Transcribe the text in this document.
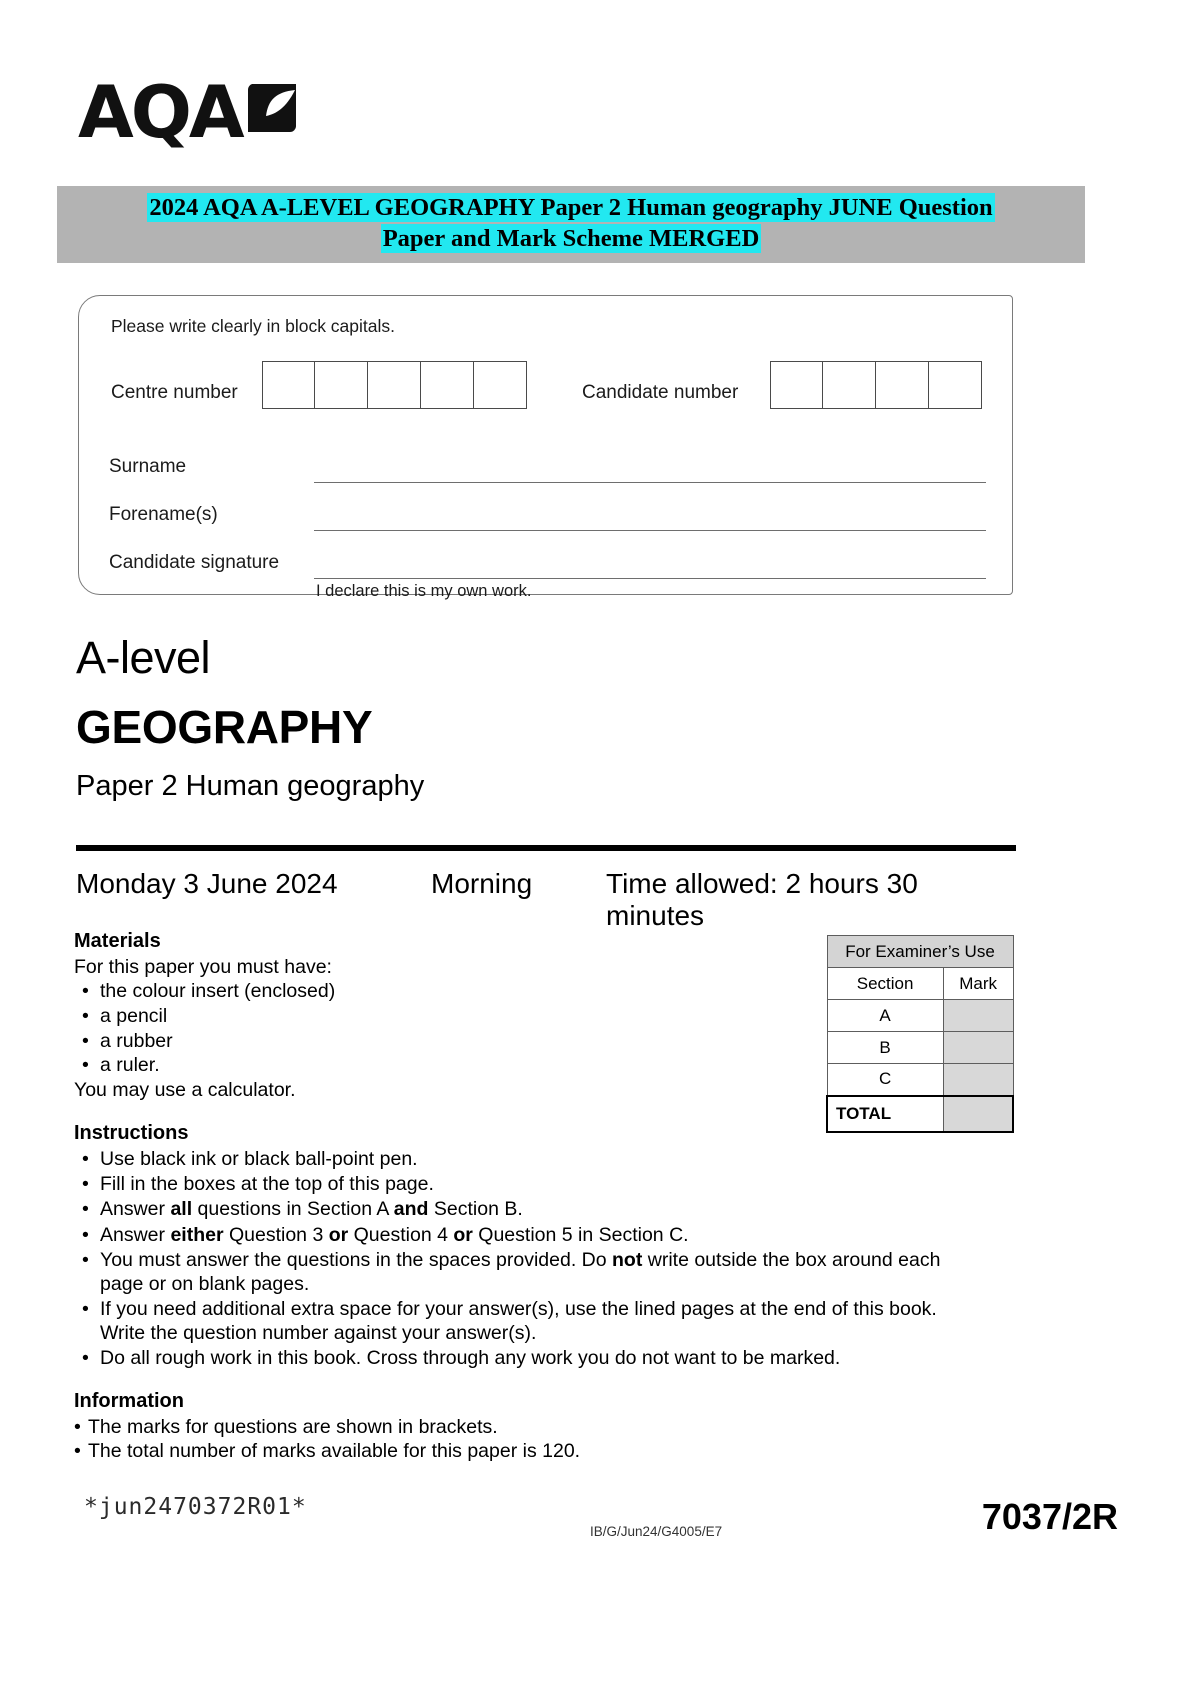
AQA
2024 AQA A-LEVEL GEOGRAPHY Paper 2 Human geography JUNE Question
Paper and Mark Scheme MERGED
Please write clearly in block capitals.
Centre number	Candidate number
Surname
Forename(s)
Candidate signature
I declare this is my own work.
A-level
GEOGRAPHY
Paper 2 Human geography
Monday 3 June 2024	Morning	Time allowed: 2 hours 30 minutes

Materials

For this paper you must have:

• the colour insert (enclosed)
• a pencil
• a rubber
• a ruler.

You may use a calculator.

For Examiner’s Use	
Section	Mark
A	
B	
C	
TOTAL	

Instructions

• Use black ink or black ball-point pen.
• Fill in the boxes at the top of this page.
• Answer all questions in Section A and Section B.
• Answer either Question 3 or Question 4 or Question 5 in Section C.
• You must answer the questions in the spaces provided. Do not write outside the box around each page or on blank pages.
• If you need additional extra space for your answer(s), use the lined pages at the end of this book. Write the question number against your answer(s).
• Do all rough work in this book. Cross through any work you do not want to be marked.

Information

• The marks for questions are shown in brackets.
• The total number of marks available for this paper is 120.
*jun2470372R01*
IB/G/Jun24/G4005/E7	7037/2R
